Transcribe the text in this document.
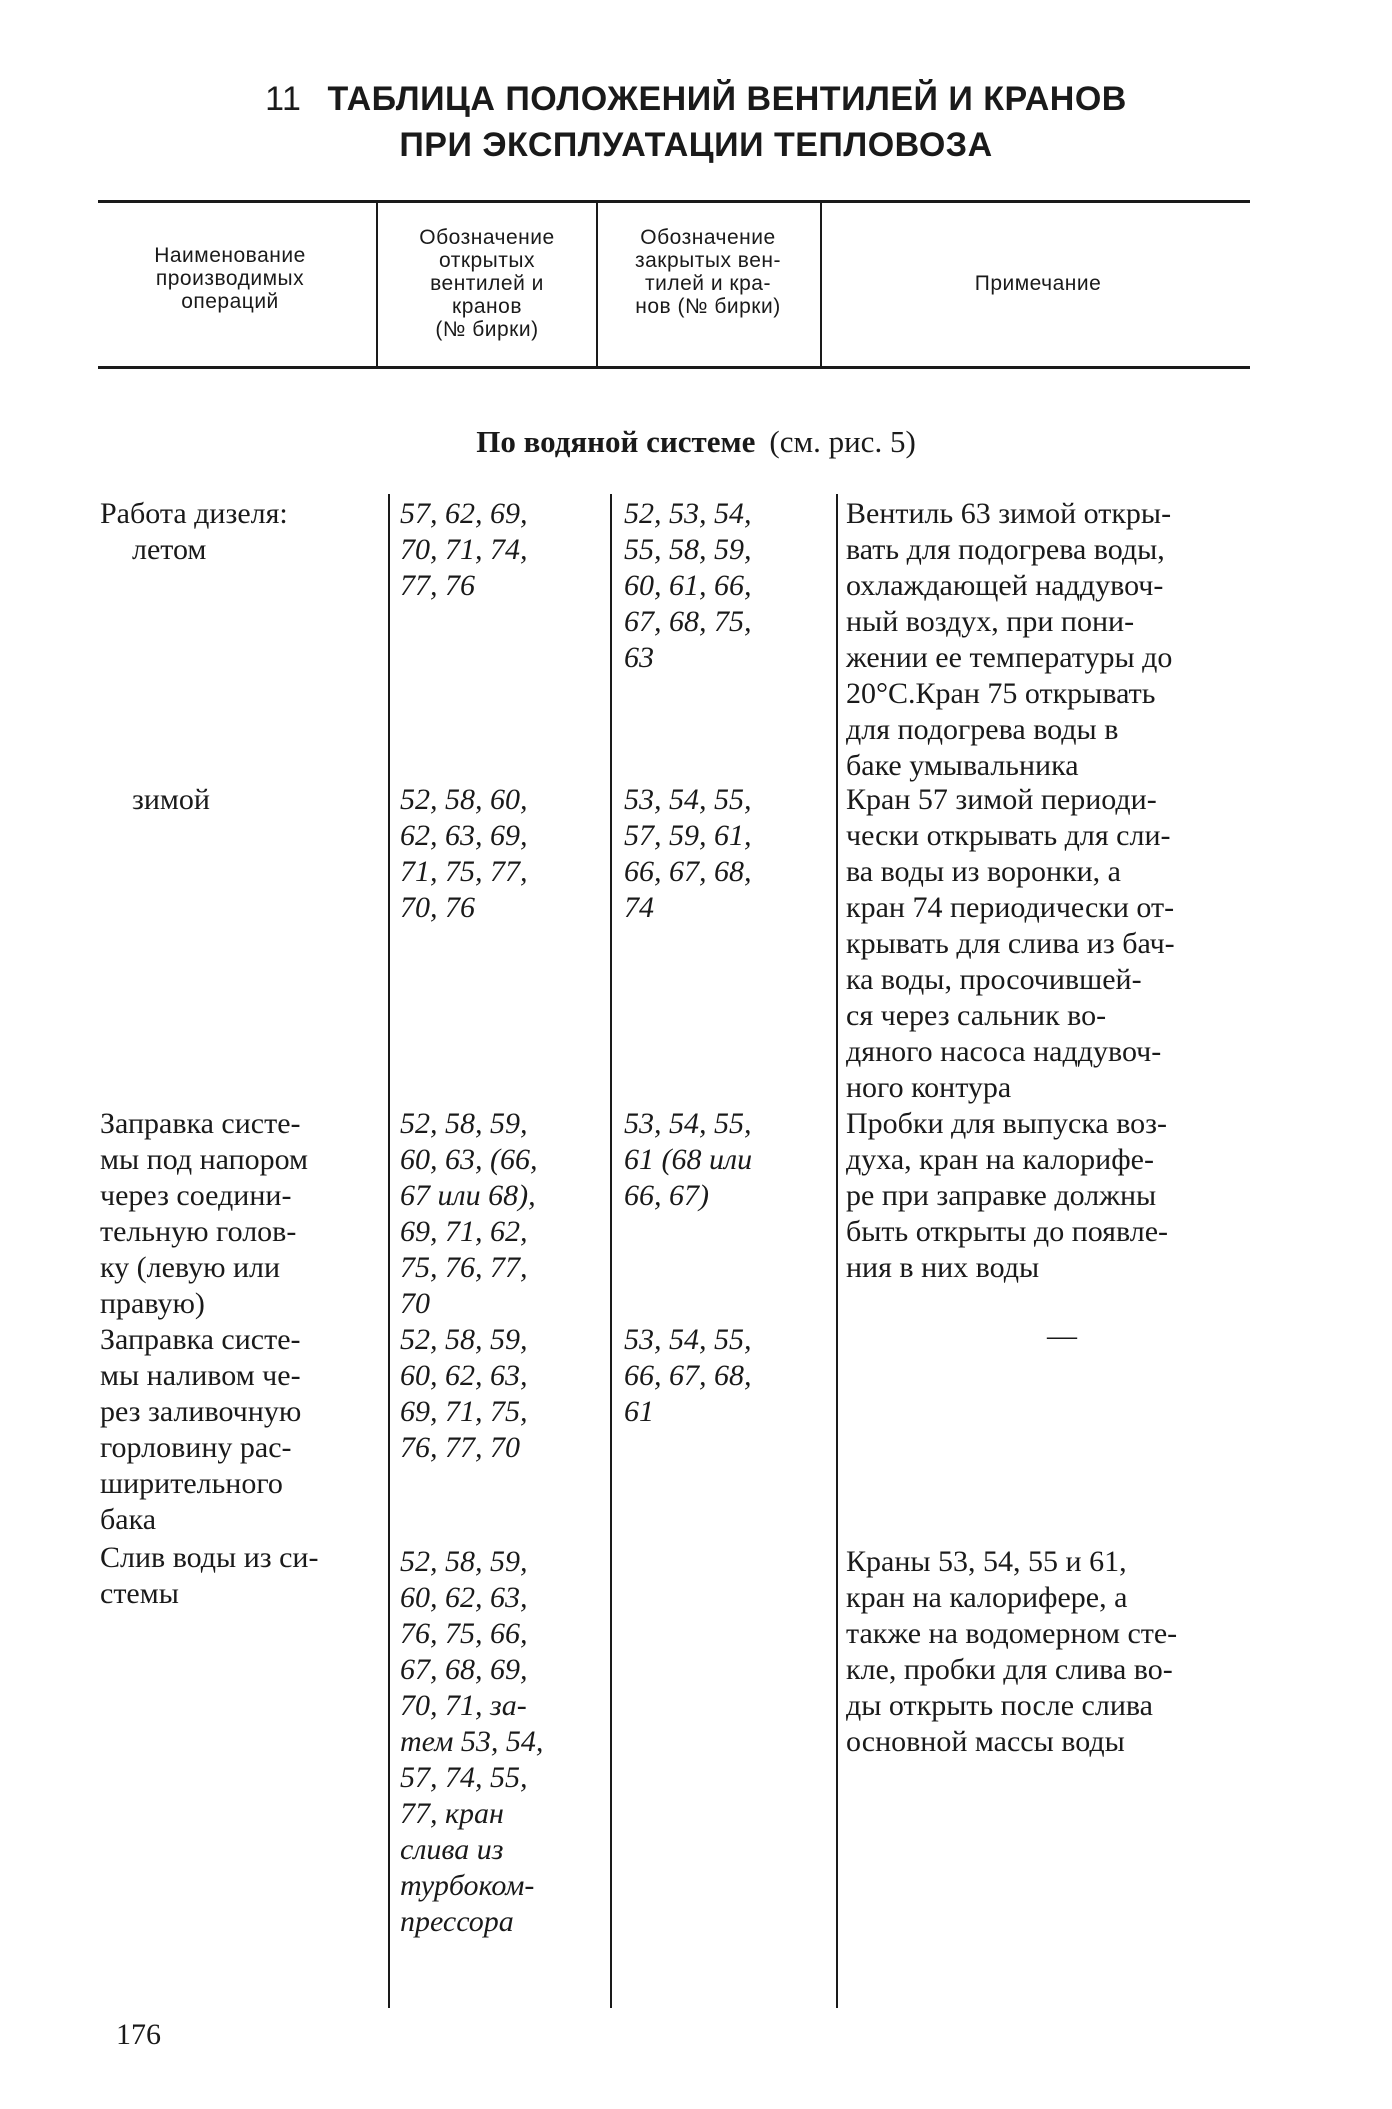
11 ТАБЛИЦА ПОЛОЖЕНИЙ ВЕНТИЛЕЙ И КРАНОВ
ПРИ ЭКСПЛУАТАЦИИ ТЕПЛОВОЗА
Наименование
производимых
операций
Обозначение
открытых
вентилей и
кранов
(№ бирки)
Обозначение
закрытых вен-
тилей и кра-
нов (№ бирки)
Примечание
По водяной системе (см. рис. 5)
Работа дизеля:
летом
57, 62, 69,
70, 71, 74,
77, 76
52, 53, 54,
55, 58, 59,
60, 61, 66,
67, 68, 75,
63
Вентиль 63 зимой откры-
вать для подогрева воды,
охлаждающей наддувоч-
ный воздух, при пони-
жении ее температуры до
20°С.Кран 75 открывать
для подогрева воды в
баке умывальника
зимой	52, 58, 60,
62, 63, 69,
71, 75, 77,
70, 76
53, 54, 55,
57, 59, 61,
66, 67, 68,
74
Кран 57 зимой периоди-
чески открывать для сли-
ва воды из воронки, а
кран 74 периодически от-
крывать для слива из бач-
ка воды, просочившей-
ся через сальник во-
дяного насоса наддувоч-
ного контура
Заправка систе-
мы под напором
через соедини-
тельную голов-
ку (левую или
правую)
52, 58, 59,
60, 63, (66,
67 или 68),
69, 71, 62,
75, 76, 77,
70
53, 54, 55,
61 (68 или
66, 67)
Пробки для выпуска воз-
духа, кран на калорифе-
ре при заправке должны
быть открыты до появле-
ния в них воды
Заправка систе-
мы наливом че-
рез заливочную
горловину рас-
ширительного
бака
52, 58, 59,
60, 62, 63,
69, 71, 75,
76, 77, 70
53, 54, 55,
66, 67, 68,
61
—
Слив воды из си-
стемы
52, 58, 59,
60, 62, 63,
76, 75, 66,
67, 68, 69,
70, 71, за-
тем 53, 54,
57, 74, 55,
77, кран
слива из
турбоком-
прессора
Краны 53, 54, 55 и 61,
кран на калорифере, а
также на водомерном сте-
кле, пробки для слива во-
ды открыть после слива
основной массы воды
176
